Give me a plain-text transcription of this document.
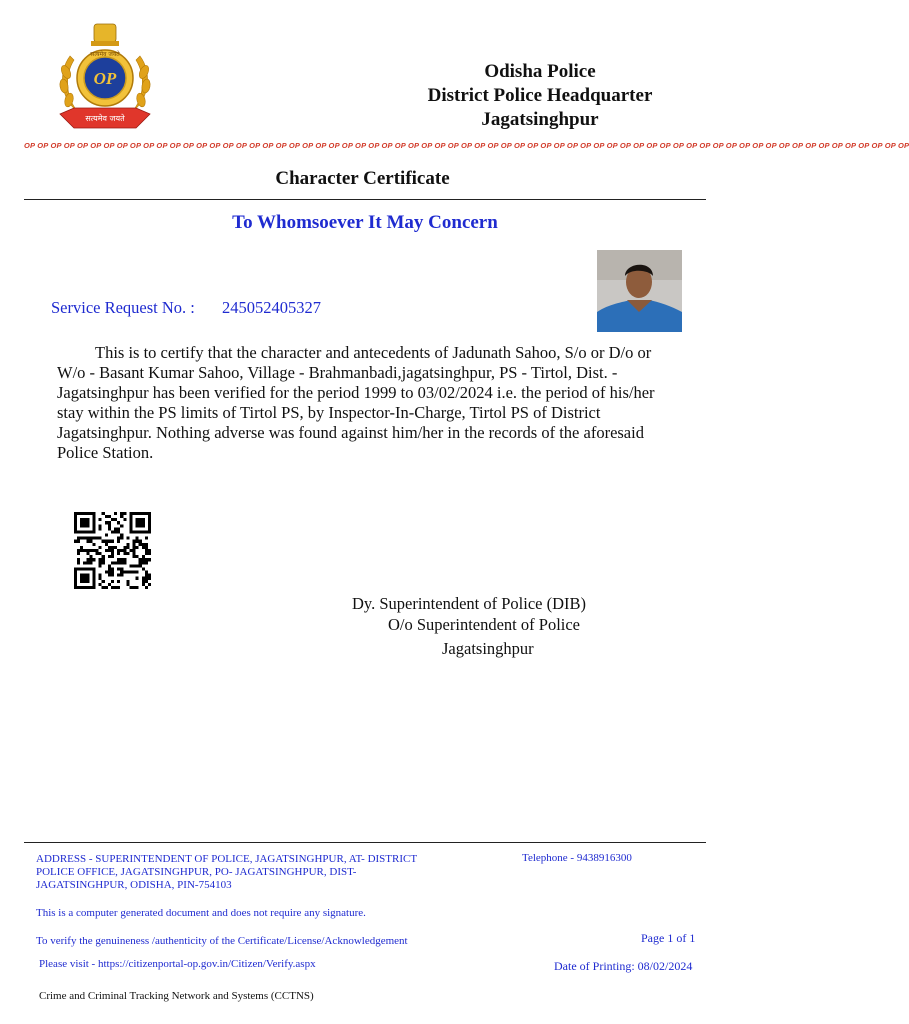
सत्यमेव जयते
OP
सत्यमेव जयते
Odisha Police
District Police Headquarter
Jagatsinghpur
OP OP OP OP OP OP OP OP OP OP OP OP OP OP OP OP OP OP OP OP OP OP OP OP OP OP OP OP OP OP OP OP OP OP OP OP OP OP OP OP OP OP OP OP OP OP OP OP OP OP OP OP OP OP OP OP OP OP OP OP OP OP OP OP OP OP OP
Character Certificate
To Whomsoever It May Concern
Service Request No. : 245052405327

This is to certify that the character and antecedents of Jadunath Sahoo, S/o or D/o or

W/o - Basant Kumar Sahoo, Village - Brahmanbadi,jagatsinghpur, PS - Tirtol, Dist. -

Jagatsinghpur has been verified for the period 1999 to 03/02/2024 i.e. the period of his/her

stay within the PS limits of Tirtol PS, by Inspector-In-Charge, Tirtol PS of District

Jagatsinghpur. Nothing adverse was found against him/her in the records of the aforesaid

Police Station.

Dy. Superintendent of Police (DIB)
O/o Superintendent of Police
Jagatsinghpur
ADDRESS - SUPERINTENDENT OF POLICE, JAGATSINGHPUR, AT- DISTRICT
POLICE OFFICE, JAGATSINGHPUR, PO- JAGATSINGHPUR, DIST-
JAGATSINGHPUR, ODISHA, PIN-754103
Telephone - 9438916300
This is a computer generated document and does not require any signature.
To verify the genuineness /authenticity of the Certificate/License/Acknowledgement	Page 1 of 1
Please visit - https://citizenportal-op.gov.in/Citizen/Verify.aspx	Date of Printing: 08/02/2024
Crime and Criminal Tracking Network and Systems (CCTNS)
